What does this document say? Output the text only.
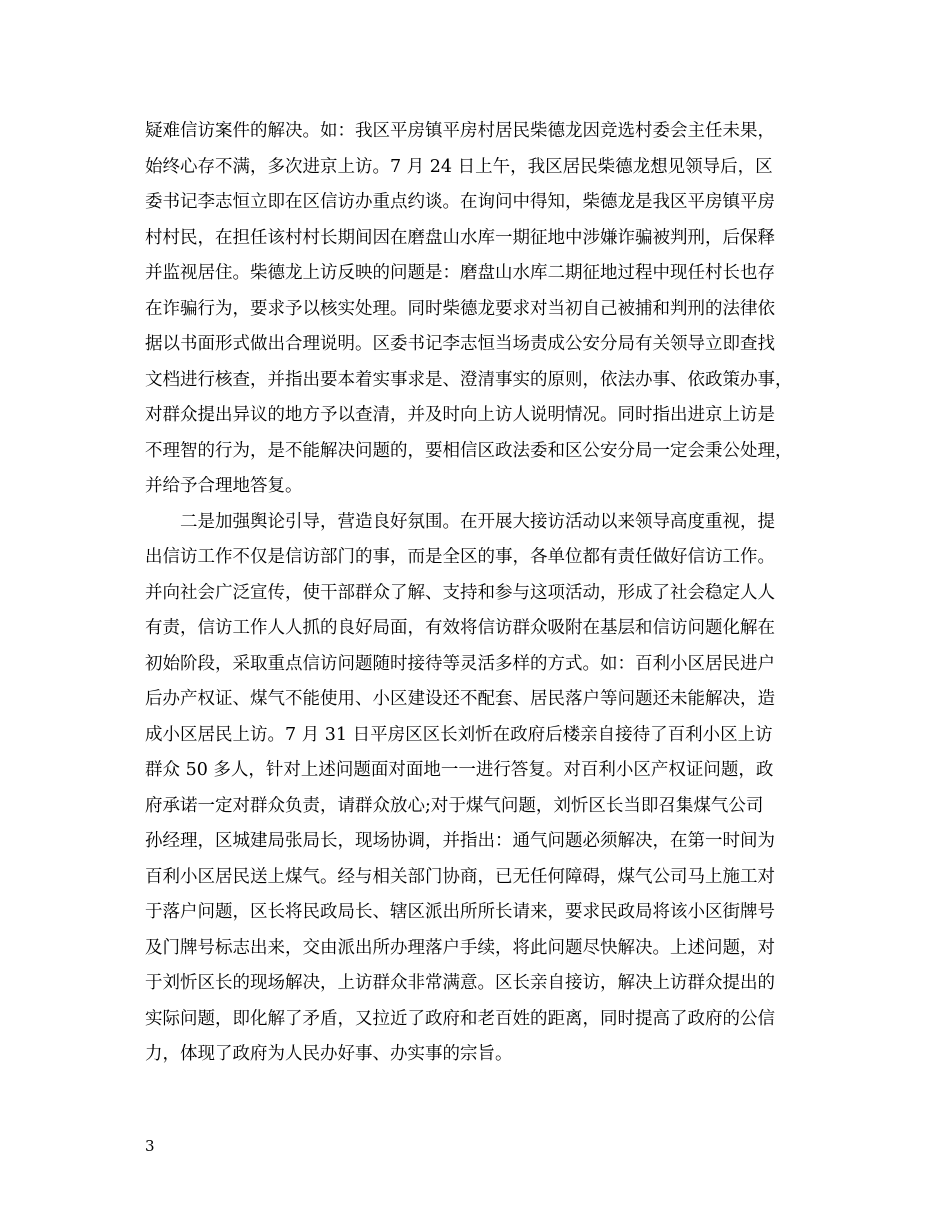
疑难信访案件的解决。如：我区平房镇平房村居民柴德龙因竞选村委会主任未果，
始终心存不满，多次进京上访。7 月 24 日上午，我区居民柴德龙想见领导后，区
委书记李志恒立即在区信访办重点约谈。在询问中得知，柴德龙是我区平房镇平房
村村民，在担任该村村长期间因在磨盘山水库一期征地中涉嫌诈骗被判刑，后保释
并监视居住。柴德龙上访反映的问题是：磨盘山水库二期征地过程中现任村长也存
在诈骗行为，要求予以核实处理。同时柴德龙要求对当初自己被捕和判刑的法律依
据以书面形式做出合理说明。区委书记李志恒当场责成公安分局有关领导立即查找
文档进行核查，并指出要本着实事求是、澄清事实的原则，依法办事、依政策办事，
对群众提出异议的地方予以查清，并及时向上访人说明情况。同时指出进京上访是
不理智的行为，是不能解决问题的，要相信区政法委和区公安分局一定会秉公处理，
并给予合理地答复。
　　二是加强舆论引导，营造良好氛围。在开展大接访活动以来领导高度重视，提
出信访工作不仅是信访部门的事，而是全区的事，各单位都有责任做好信访工作。
并向社会广泛宣传，使干部群众了解、支持和参与这项活动，形成了社会稳定人人
有责，信访工作人人抓的良好局面，有效将信访群众吸附在基层和信访问题化解在
初始阶段，采取重点信访问题随时接待等灵活多样的方式。如：百利小区居民进户
后办产权证、煤气不能使用、小区建设还不配套、居民落户等问题还未能解决，造
成小区居民上访。7 月 31 日平房区区长刘忻在政府后楼亲自接待了百利小区上访
群众 50 多人，针对上述问题面对面地一一进行答复。对百利小区产权证问题，政
府承诺一定对群众负责，请群众放心;对于煤气问题，刘忻区长当即召集煤气公司
孙经理，区城建局张局长，现场协调，并指出：通气问题必须解决，在第一时间为
百利小区居民送上煤气。经与相关部门协商，已无任何障碍，煤气公司马上施工对
于落户问题，区长将民政局长、辖区派出所所长请来，要求民政局将该小区街牌号
及门牌号标志出来，交由派出所办理落户手续，将此问题尽快解决。上述问题，对
于刘忻区长的现场解决，上访群众非常满意。区长亲自接访，解决上访群众提出的
实际问题，即化解了矛盾，又拉近了政府和老百姓的距离，同时提高了政府的公信
力，体现了政府为人民办好事、办实事的宗旨。
3
